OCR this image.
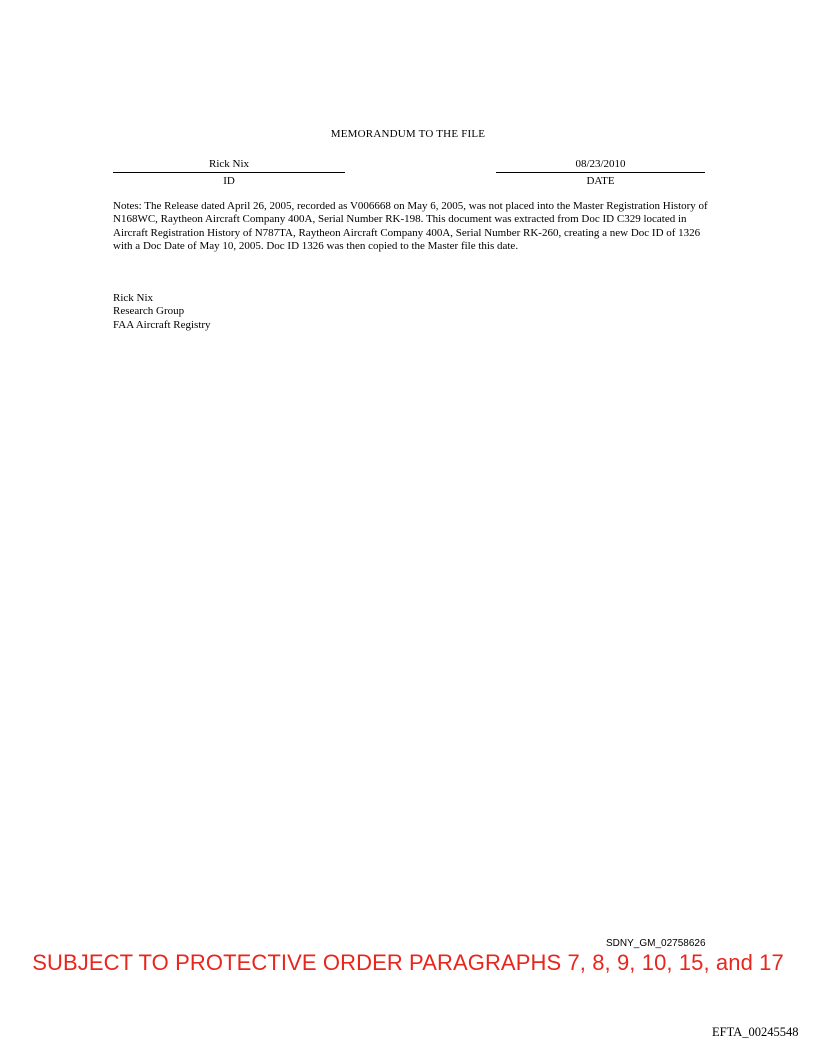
MEMORANDUM TO THE FILE
Rick Nix
ID
08/23/2010
DATE

Notes: The Release dated April 26, 2005, recorded as V006668 on May 6, 2005, was not placed into the Master Registration History of N168WC, Raytheon Aircraft Company 400A, Serial Number RK-198. This document was extracted from Doc ID C329 located in Aircraft Registration History of N787TA, Raytheon Aircraft Company 400A, Serial Number RK-260, creating a new Doc ID of 1326 with a Doc Date of May 10, 2005. Doc ID 1326 was then copied to the Master file this date.

Rick Nix
Research Group
FAA Aircraft Registry
SDNY_GM_02758626
SUBJECT TO PROTECTIVE ORDER PARAGRAPHS 7, 8, 9, 10, 15, and 17
EFTA_00245548
